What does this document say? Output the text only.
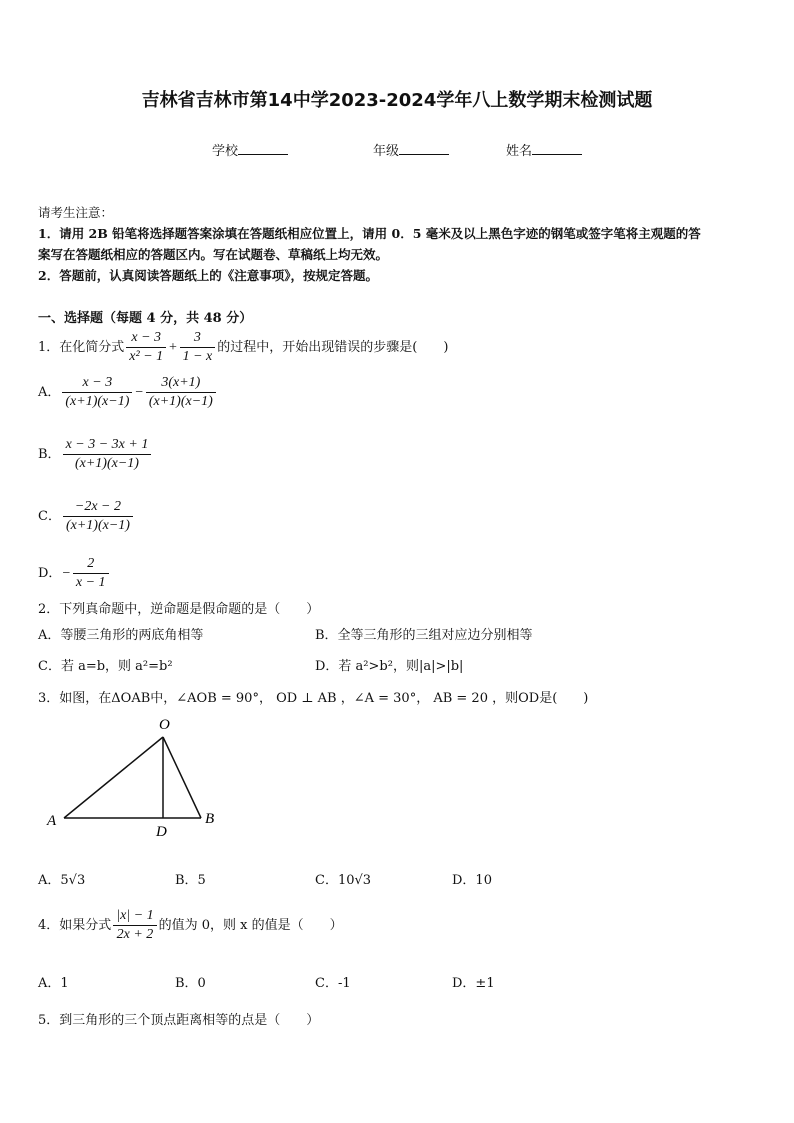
吉林省吉林市第14中学2023-2024学年八上数学期末检测试题
学校	年级	姓名
请考生注意：
1．请用 2B 铅笔将选择题答案涂填在答题纸相应位置上，请用 0．5 毫米及以上黑色字迹的钢笔或签字笔将主观题的答
案写在答题纸相应的答题区内。写在试题卷、草稿纸上均无效。
2．答题前，认真阅读答题纸上的《注意事项》，按规定答题。
一、选择题（每题 4 分，共 48 分）
1．在化简分式 $\frac{x - 3}{\text{x² − 1}} + \frac{3}{1 - x}$ 的过程中，开始出现错误的步骤是(　　)
A． $\frac{x - 3}{(x+1)(x-1)} - \frac{3(x+1)}{(x+1)(x-1)}$
B． $\frac{x - 3 - 3x + 1}{(x+1)(x-1)}$
C． $\frac{-2x - 2}{(x+1)(x-1)}$
D．− $\frac{2}{x - 1}$
2．下列真命题中，逆命题是假命题的是（　　）
A．等腰三角形的两底角相等	B．全等三角形的三组对应边分别相等
C．若 a=b，则 a²=b²	D．若 a²>b²，则|a|>|b|
3．如图，在ΔOAB中，∠AOB = 90°， OD ⊥ AB ，∠A = 30°， AB = 20 ，则OD是(　　)
O
A
D
B
A．5√3	B．5	C．10√3	D．10
4．如果分式 $\frac{|x| - 1}{2x + 2}$ 的值为 0，则 x 的值是（　　）
A．1	B．0	C．-1	D．±1
5．到三角形的三个顶点距离相等的点是（　　）
